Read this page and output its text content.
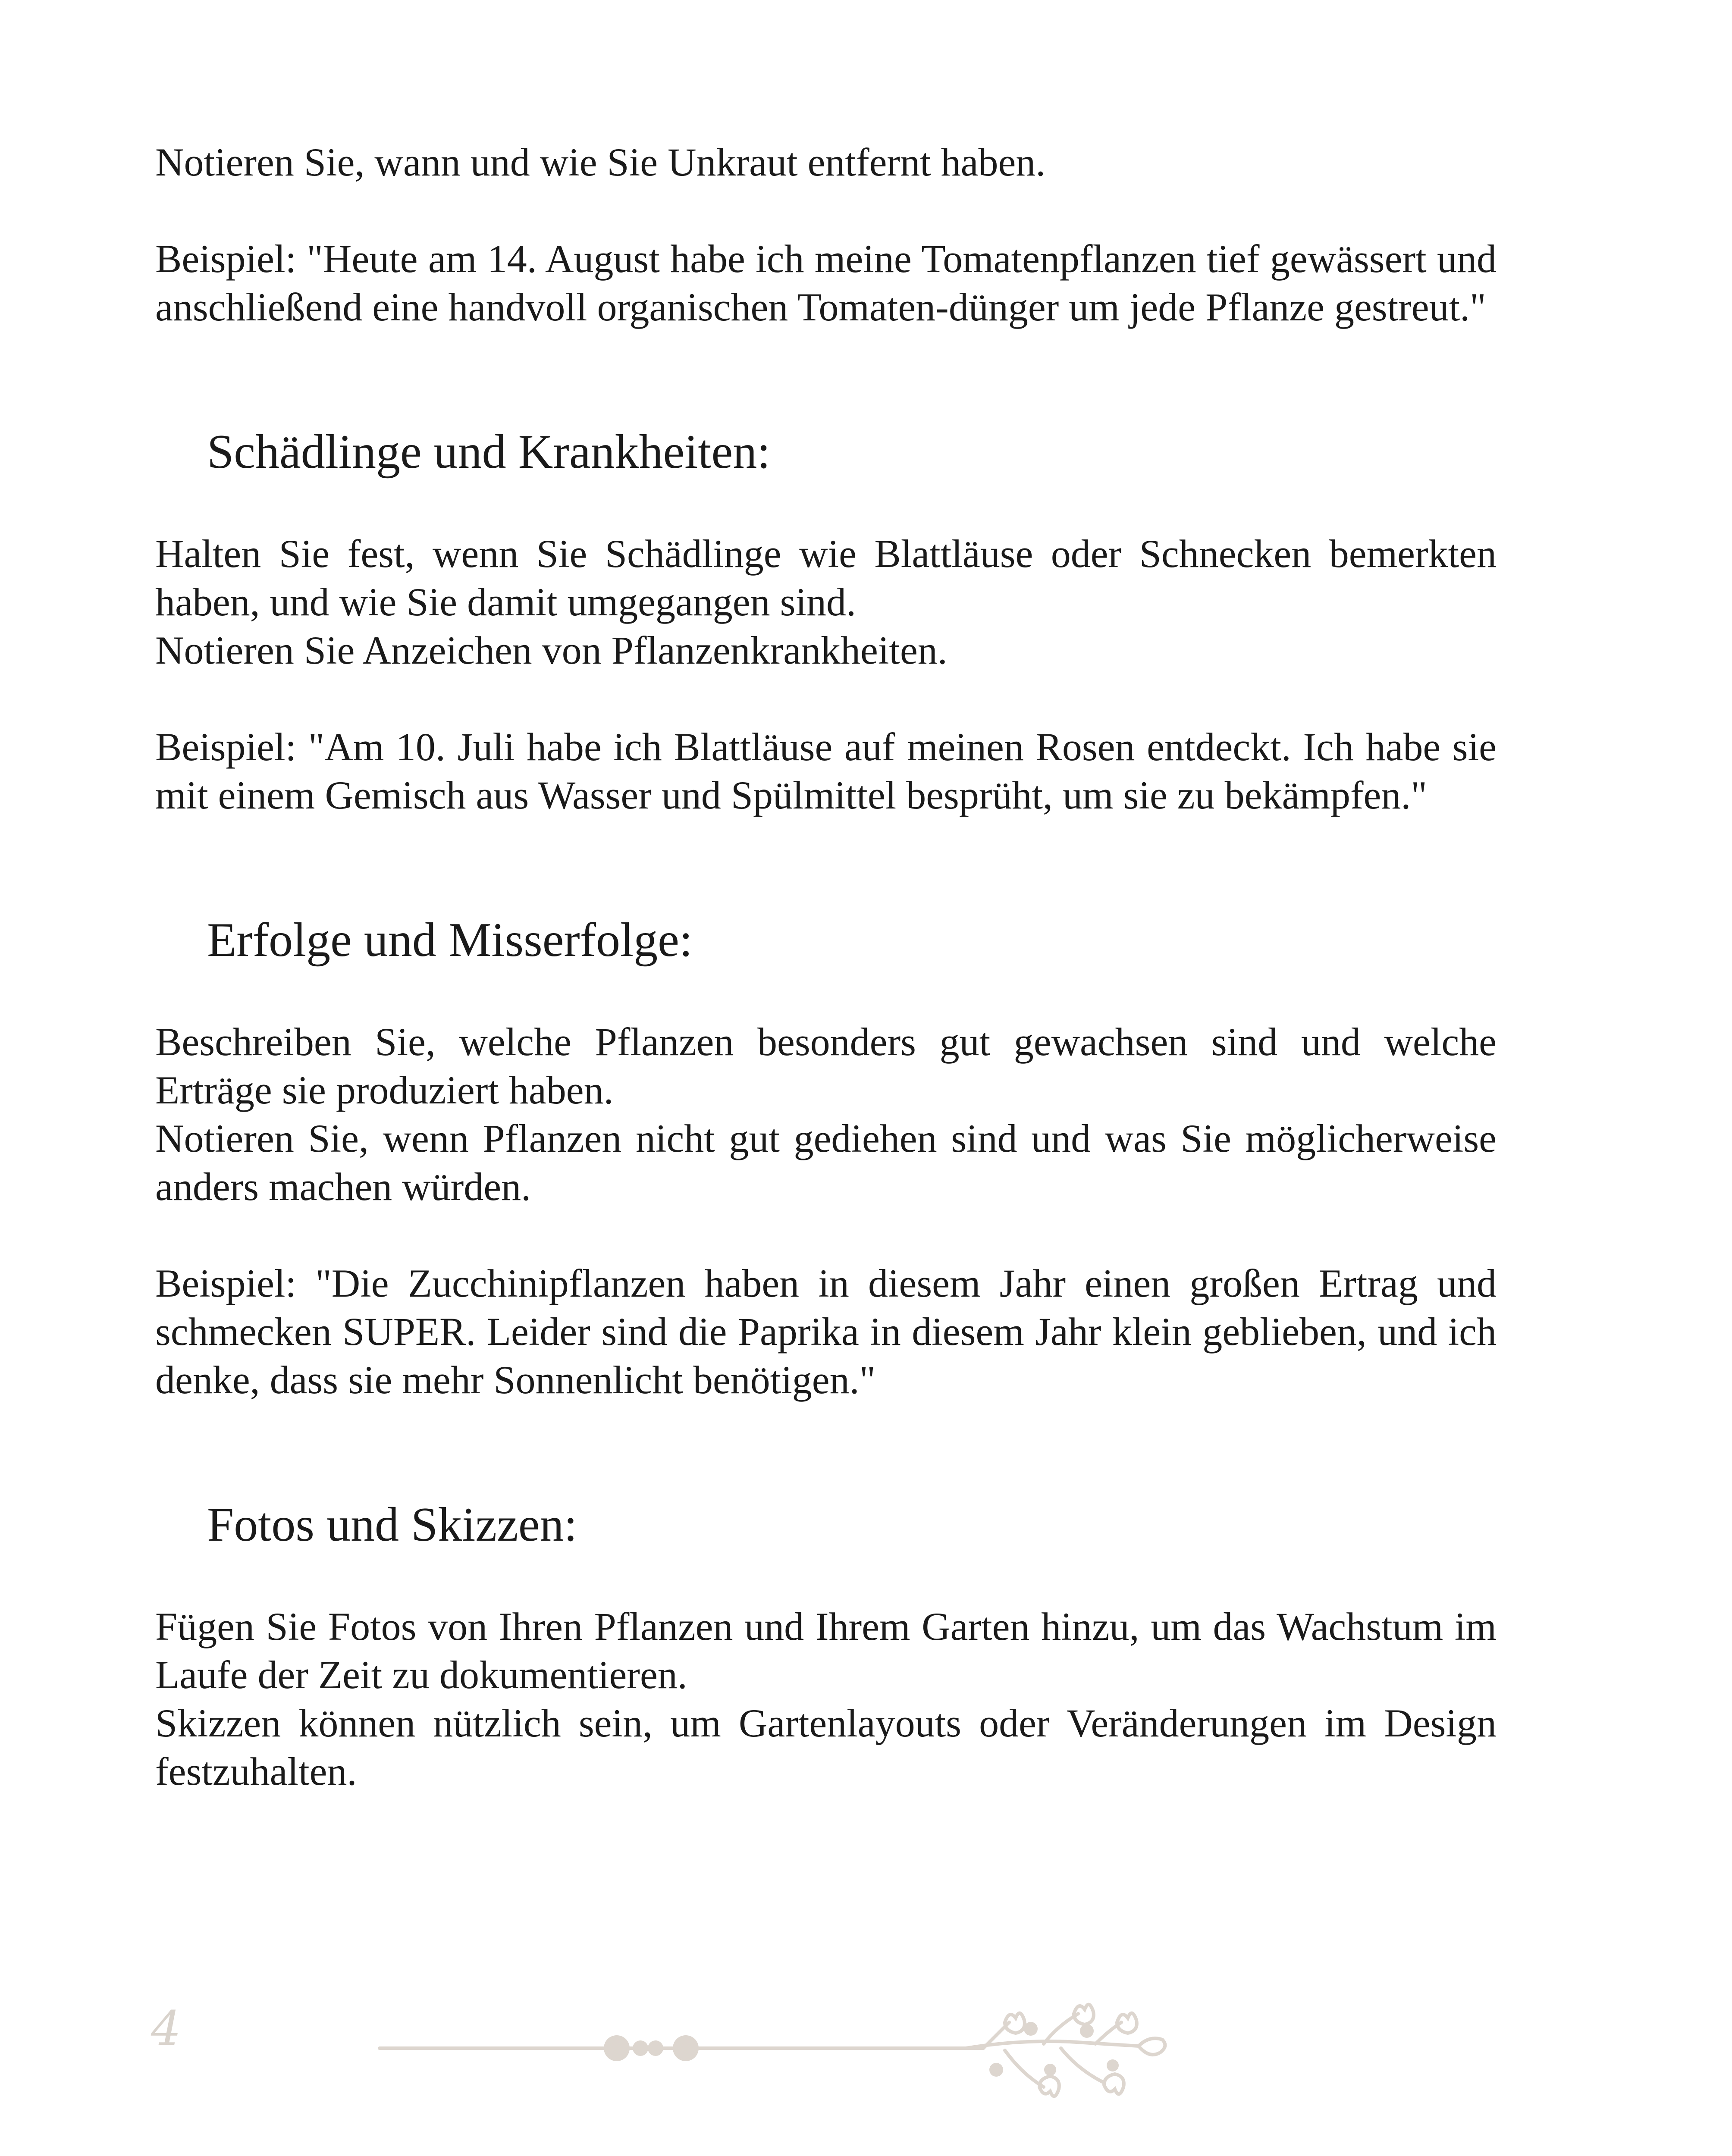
Notieren Sie, wann und wie Sie Unkraut entfernt haben.

Beispiel: "Heute am 14. August habe ich meine Tomatenpflanzen tief gewässert und anschließend eine handvoll organischen Tomaten-dünger um jede Pflanze gestreut."

Schädlinge und Krankheiten:

Halten Sie fest, wenn Sie Schädlinge wie Blattläuse oder Schnecken bemerkten haben, und wie Sie damit umgegangen sind.

Notieren Sie Anzeichen von Pflanzenkrankheiten.

Beispiel: "Am 10. Juli habe ich Blattläuse auf meinen Rosen entdeckt. Ich habe sie mit einem Gemisch aus Wasser und Spülmittel besprüht, um sie zu bekämpfen."

Erfolge und Misserfolge:

Beschreiben Sie, welche Pflanzen besonders gut gewachsen sind und welche Erträge sie produziert haben.

Notieren Sie, wenn Pflanzen nicht gut gediehen sind und was Sie möglicherweise anders machen würden.

Beispiel: "Die Zucchinipflanzen haben in diesem Jahr einen großen Ertrag und schmecken SUPER. Leider sind die Paprika in diesem Jahr klein geblieben, und ich denke, dass sie mehr Sonnenlicht benötigen."

Fotos und Skizzen:

Fügen Sie Fotos von Ihren Pflanzen und Ihrem Garten hinzu, um das Wachstum im Laufe der Zeit zu dokumentieren.

Skizzen können nützlich sein, um Gartenlayouts oder Veränderungen im Design festzuhalten.

4
